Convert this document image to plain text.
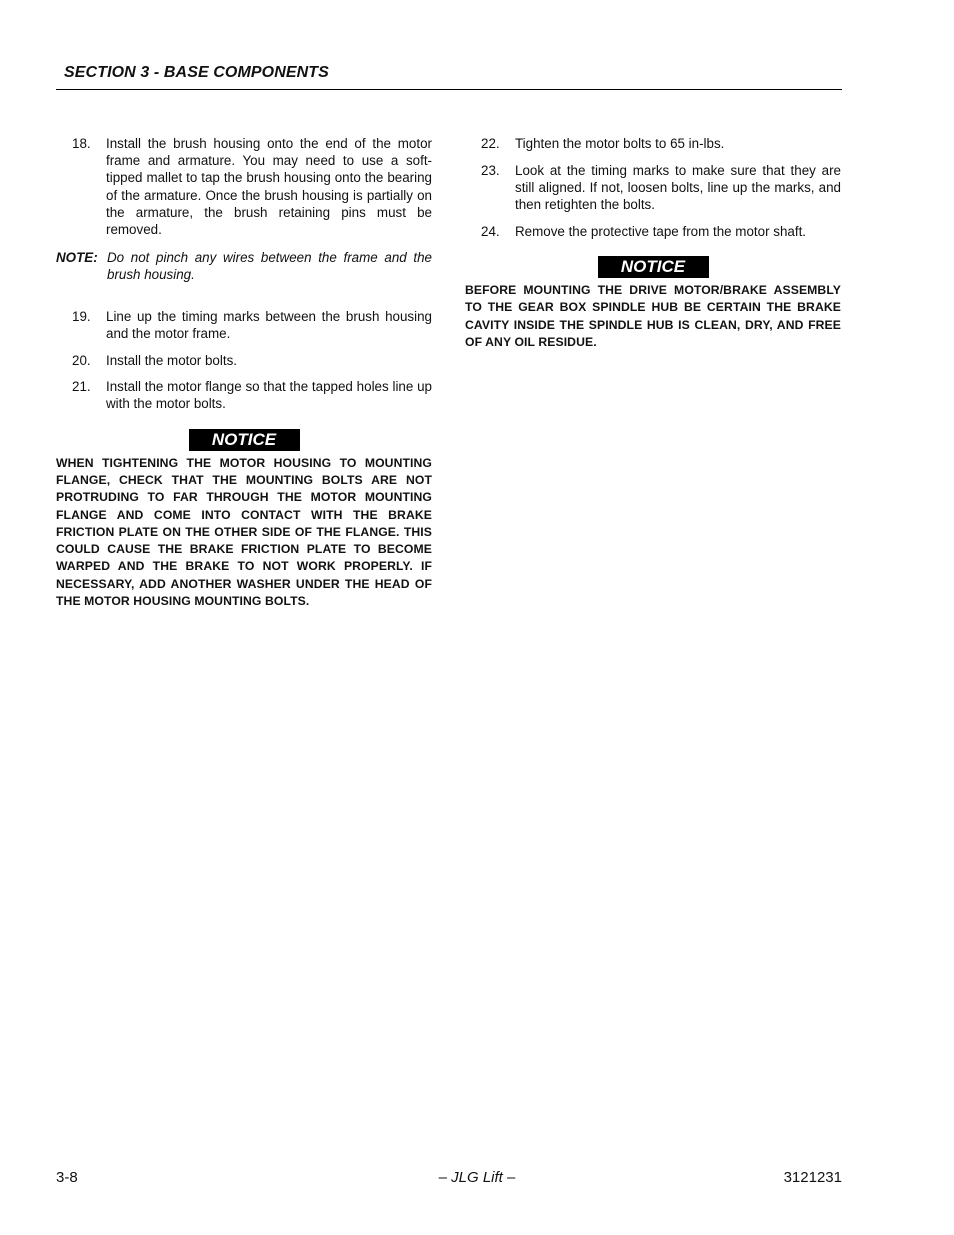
SECTION 3 - BASE COMPONENTS
18. Install the brush housing onto the end of the motor frame and armature. You may need to use a soft-tipped mallet to tap the brush housing onto the bearing of the armature. Once the brush housing is partially on the armature, the brush retaining pins must be removed.
NOTE: Do not pinch any wires between the frame and the brush housing.
19. Line up the timing marks between the brush housing and the motor frame.
20. Install the motor bolts.
21. Install the motor flange so that the tapped holes line up with the motor bolts.
NOTICE
WHEN TIGHTENING THE MOTOR HOUSING TO MOUNTING FLANGE, CHECK THAT THE MOUNTING BOLTS ARE NOT PROTRUDING TO FAR THROUGH THE MOTOR MOUNTING FLANGE AND COME INTO CONTACT WITH THE BRAKE FRICTION PLATE ON THE OTHER SIDE OF THE FLANGE. THIS COULD CAUSE THE BRAKE FRICTION PLATE TO BECOME WARPED AND THE BRAKE TO NOT WORK PROPERLY. IF NECESSARY, ADD ANOTHER WASHER UNDER THE HEAD OF THE MOTOR HOUSING MOUNTING BOLTS.
22. Tighten the motor bolts to 65 in-lbs.
23. Look at the timing marks to make sure that they are still aligned. If not, loosen bolts, line up the marks, and then retighten the bolts.
24. Remove the protective tape from the motor shaft.
NOTICE
BEFORE MOUNTING THE DRIVE MOTOR/BRAKE ASSEMBLY TO THE GEAR BOX SPINDLE HUB BE CERTAIN THE BRAKE CAVITY INSIDE THE SPINDLE HUB IS CLEAN, DRY, AND FREE OF ANY OIL RESIDUE.
3-8	– JLG Lift –	3121231
